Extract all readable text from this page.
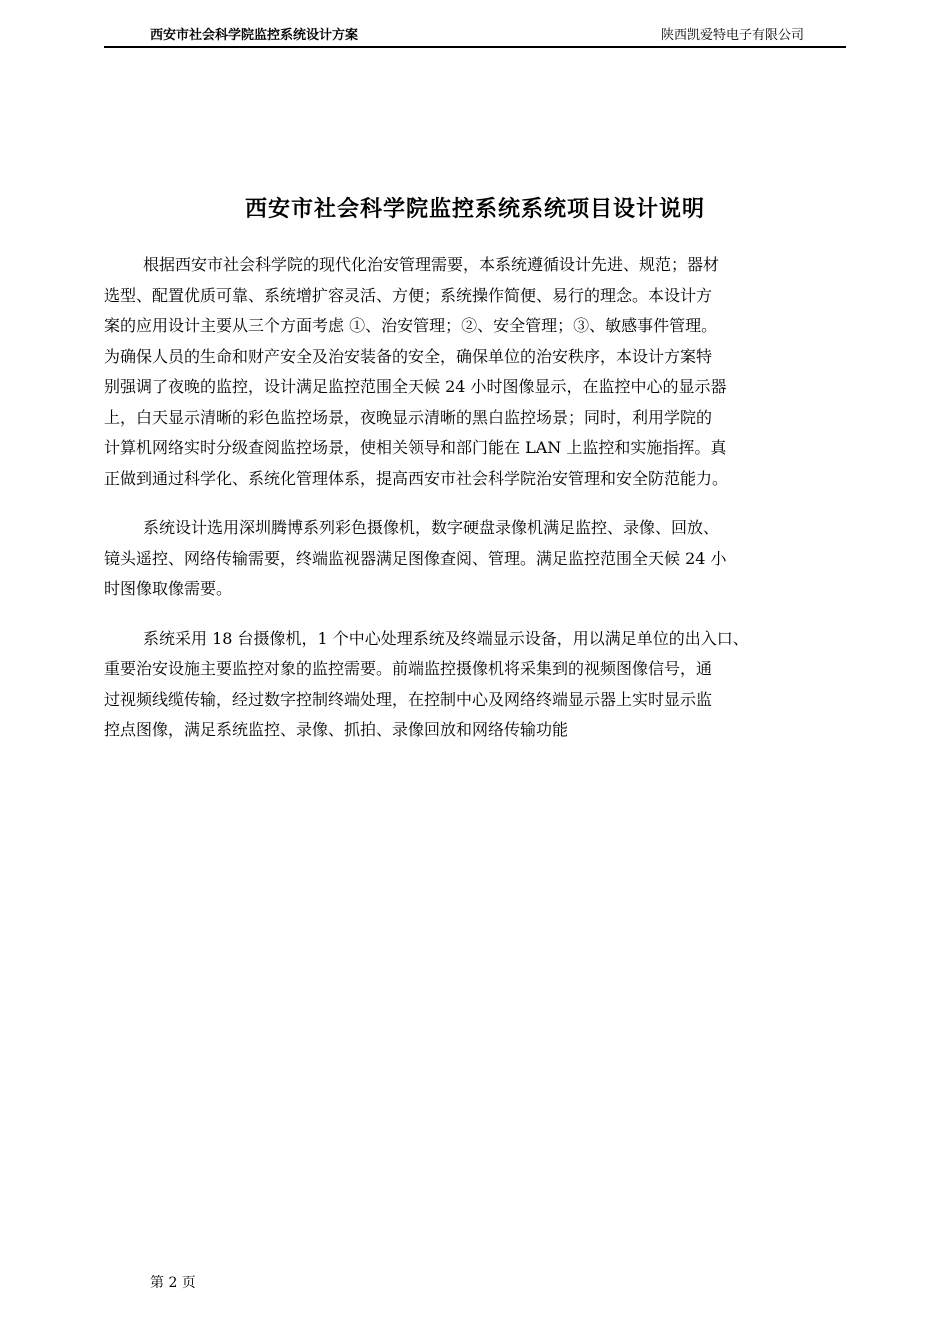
西安市社会科学院监控系统设计方案	陕西凯爱特电子有限公司
西安市社会科学院监控系统系统项目设计说明

根据西安市社会科学院的现代化治安管理需要，本系统遵循设计先进、规范；器材
选型、配置优质可靠、系统增扩容灵活、方便；系统操作简便、易行的理念。本设计方
案的应用设计主要从三个方面考虑 ①、治安管理；②、安全管理；③、敏感事件管理。
为确保人员的生命和财产安全及治安装备的安全，确保单位的治安秩序，本设计方案特
别强调了夜晚的监控，设计满足监控范围全天候 24 小时图像显示，在监控中心的显示器
上，白天显示清晰的彩色监控场景，夜晚显示清晰的黑白监控场景；同时，利用学院的
计算机网络实时分级查阅监控场景，使相关领导和部门能在 LAN 上监控和实施指挥。真
正做到通过科学化、系统化管理体系，提高西安市社会科学院治安管理和安全防范能力。

系统设计选用深圳腾博系列彩色摄像机，数字硬盘录像机满足监控、录像、回放、
镜头遥控、网络传输需要，终端监视器满足图像查阅、管理。满足监控范围全天候 24 小
时图像取像需要。

系统采用 18 台摄像机，1 个中心处理系统及终端显示设备，用以满足单位的出入口、
重要治安设施主要监控对象的监控需要。前端监控摄像机将采集到的视频图像信号，通
过视频线缆传输，经过数字控制终端处理，在控制中心及网络终端显示器上实时显示监
控点图像，满足系统监控、录像、抓拍、录像回放和网络传输功能

第 2 页
